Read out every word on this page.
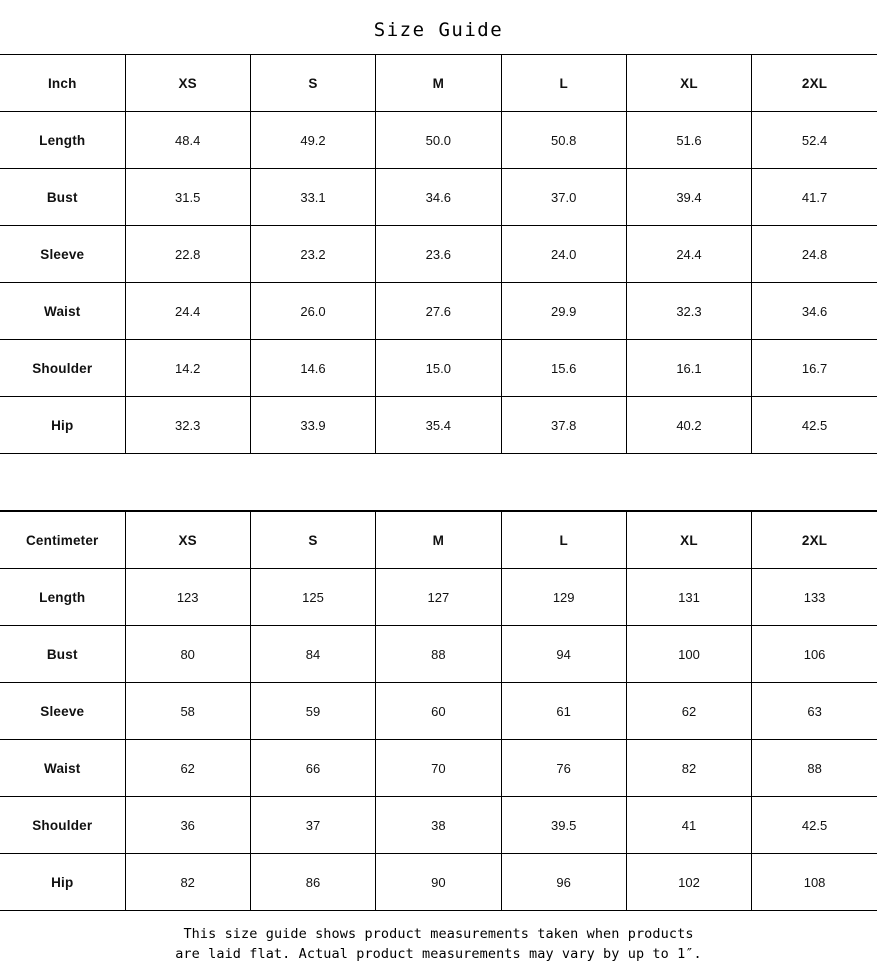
Size Guide
Inch	XS	S	M	L	XL	2XL
Length	48.4	49.2	50.0	50.8	51.6	52.4
Bust	31.5	33.1	34.6	37.0	39.4	41.7
Sleeve	22.8	23.2	23.6	24.0	24.4	24.8
Waist	24.4	26.0	27.6	29.9	32.3	34.6
Shoulder	14.2	14.6	15.0	15.6	16.1	16.7
Hip	32.3	33.9	35.4	37.8	40.2	42.5
Centimeter	XS	S	M	L	XL	2XL
Length	123	125	127	129	131	133
Bust	80	84	88	94	100	106
Sleeve	58	59	60	61	62	63
Waist	62	66	70	76	82	88
Shoulder	36	37	38	39.5	41	42.5
Hip	82	86	90	96	102	108
This size guide shows product measurements taken when products
are laid flat. Actual product measurements may vary by up to 1″.
